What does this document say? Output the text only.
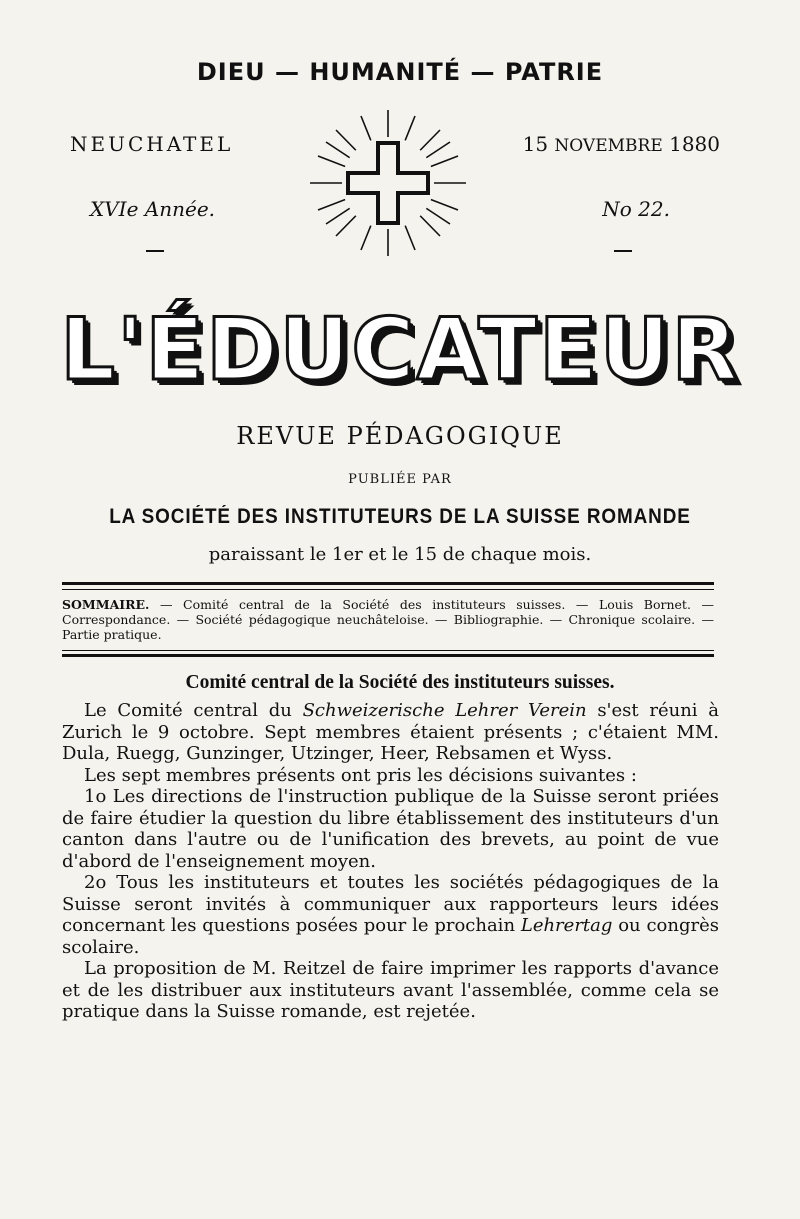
DIEU — HUMANITÉ — PATRIE
NEUCHATEL	15 NOVEMBRE 1880
XVIe Année.	No 22.
L'ÉDUCATEUR
REVUE PÉDAGOGIQUE
PUBLIÉE PAR
LA SOCIÉTÉ DES INSTITUTEURS DE LA SUISSE ROMANDE
paraissant le 1er et le 15 de chaque mois.
SOMMAIRE. — Comité central de la Société des instituteurs suisses. — Louis Bornet. — Correspondance. — Société pédagogique neuchâteloise. — Bibliographie. — Chronique scolaire. — Partie pratique.
Comité central de la Société des instituteurs suisses.

Le Comité central du Schweizerische Lehrer Verein s'est réuni à Zurich le 9 octobre. Sept membres étaient présents ; c'étaient MM. Dula, Ruegg, Gunzinger, Utzinger, Heer, Rebsamen et Wyss.

Les sept membres présents ont pris les décisions suivantes :

1o Les directions de l'instruction publique de la Suisse seront priées de faire étudier la question du libre établissement des instituteurs d'un canton dans l'autre ou de l'unification des brevets, au point de vue d'abord de l'enseignement moyen.

2o Tous les instituteurs et toutes les sociétés pédagogiques de la Suisse seront invités à communiquer aux rapporteurs leurs idées concernant les questions posées pour le prochain Lehrertag ou congrès scolaire.

La proposition de M. Reitzel de faire imprimer les rapports d'avance et de les distribuer aux instituteurs avant l'assemblée, comme cela se pratique dans la Suisse romande, est rejetée.
